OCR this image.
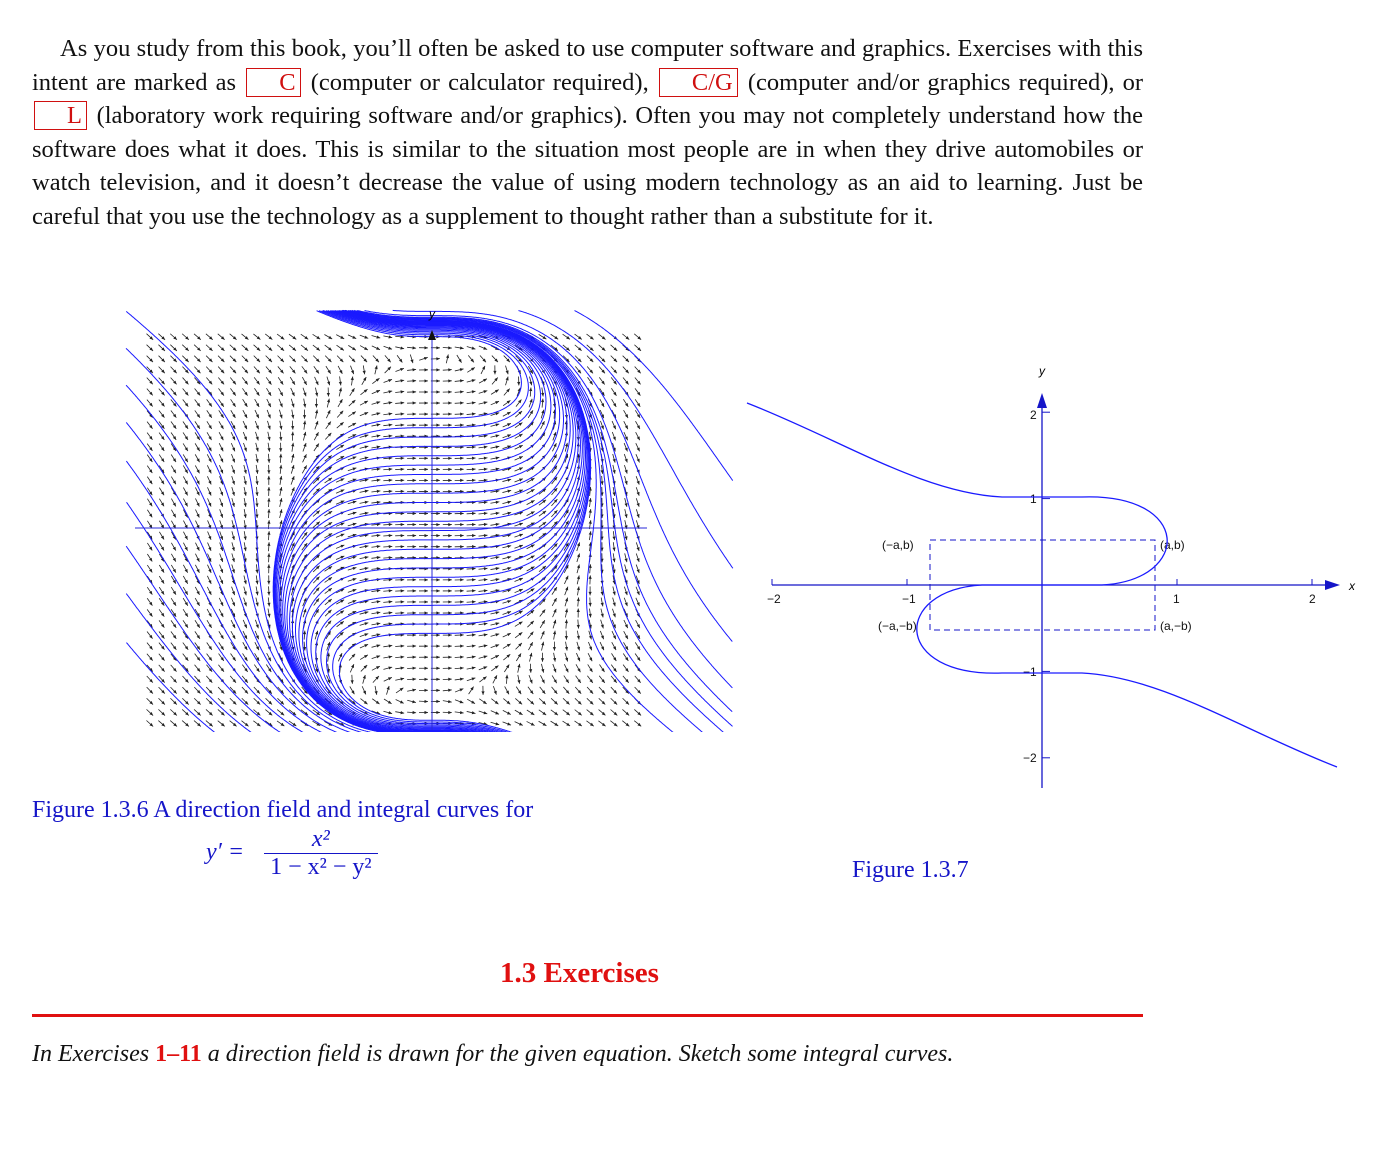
As you study from this book, you’ll often be asked to use computer software and graphics. Exercises with this intent are marked as C (computer or calculator required), C/G (computer and/or graphics required), or L (laboratory work requiring software and/or graphics). Often you may not completely understand how the software does what it does. This is similar to the situation most people are in when they drive automobiles or watch television, and it doesn’t decrease the value of using modern technology as an aid to learning. Just be careful that you use the technology as a supplement to thought rather than a substitute for it.

y
x
y
−2	−1	1	2
2
1
−1
−2
(−a,b)	(a,b)
(−a,−b)	(a,−b)
Figure 1.3.6 A direction field and integral curves for
$y' = \frac{\text{x²}}{\text{1 − x² − y²}}$	Figure 1.3.7
1.3 Exercises
In Exercises 1–11 a direction field is drawn for the given equation. Sketch some integral curves.
